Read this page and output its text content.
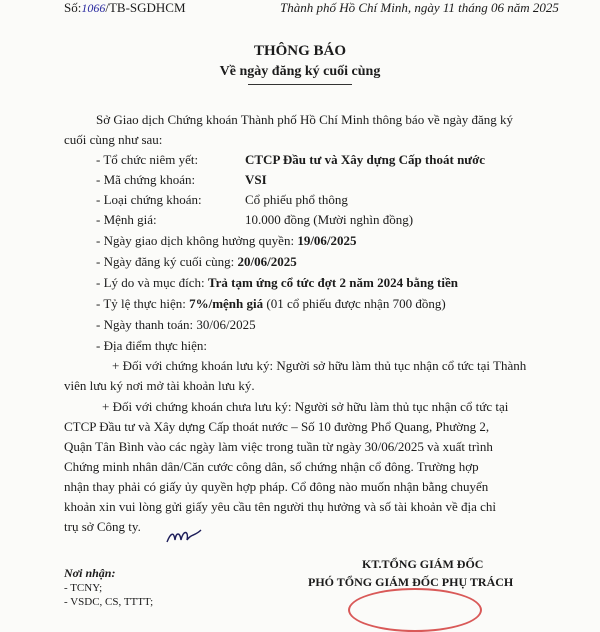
Số:1066/TB-SGDHCM	Thành phố Hồ Chí Minh, ngày 11 tháng 06 năm 2025
THÔNG BÁO
Về ngày đăng ký cuối cùng
Sở Giao dịch Chứng khoán Thành phố Hồ Chí Minh thông báo về ngày đăng ký
cuối cùng như sau:
- Tổ chức niêm yết:	CTCP Đầu tư và Xây dựng Cấp thoát nước
- Mã chứng khoán:	VSI
- Loại chứng khoán:	Cổ phiếu phổ thông
- Mệnh giá:	10.000 đồng (Mười nghìn đồng)
- Ngày giao dịch không hưởng quyền: 19/06/2025
- Ngày đăng ký cuối cùng: 20/06/2025
- Lý do và mục đích: Trả tạm ứng cổ tức đợt 2 năm 2024 bằng tiền
- Tỷ lệ thực hiện: 7%/mệnh giá (01 cổ phiếu được nhận 700 đồng)
- Ngày thanh toán: 30/06/2025
- Địa điểm thực hiện:
+ Đối với chứng khoán lưu ký: Người sở hữu làm thủ tục nhận cổ tức tại Thành
viên lưu ký nơi mở tài khoản lưu ký.
+ Đối với chứng khoán chưa lưu ký: Người sở hữu làm thủ tục nhận cổ tức tại
CTCP Đầu tư và Xây dựng Cấp thoát nước – Số 10 đường Phổ Quang, Phường 2,
Quận Tân Bình vào các ngày làm việc trong tuần từ ngày 30/06/2025 và xuất trình
Chứng minh nhân dân/Căn cước công dân, sổ chứng nhận cổ đông. Trường hợp
nhận thay phải có giấy ủy quyền hợp pháp. Cổ đông nào muốn nhận bằng chuyển
khoản xin vui lòng gửi giấy yêu cầu tên người thụ hưởng và số tài khoản về địa chỉ
trụ sở Công ty.
Nơi nhận:
- TCNY;
- VSDC, CS, TTTT;
KT.TỔNG GIÁM ĐỐC
PHÓ TỔNG GIÁM ĐỐC PHỤ TRÁCH
